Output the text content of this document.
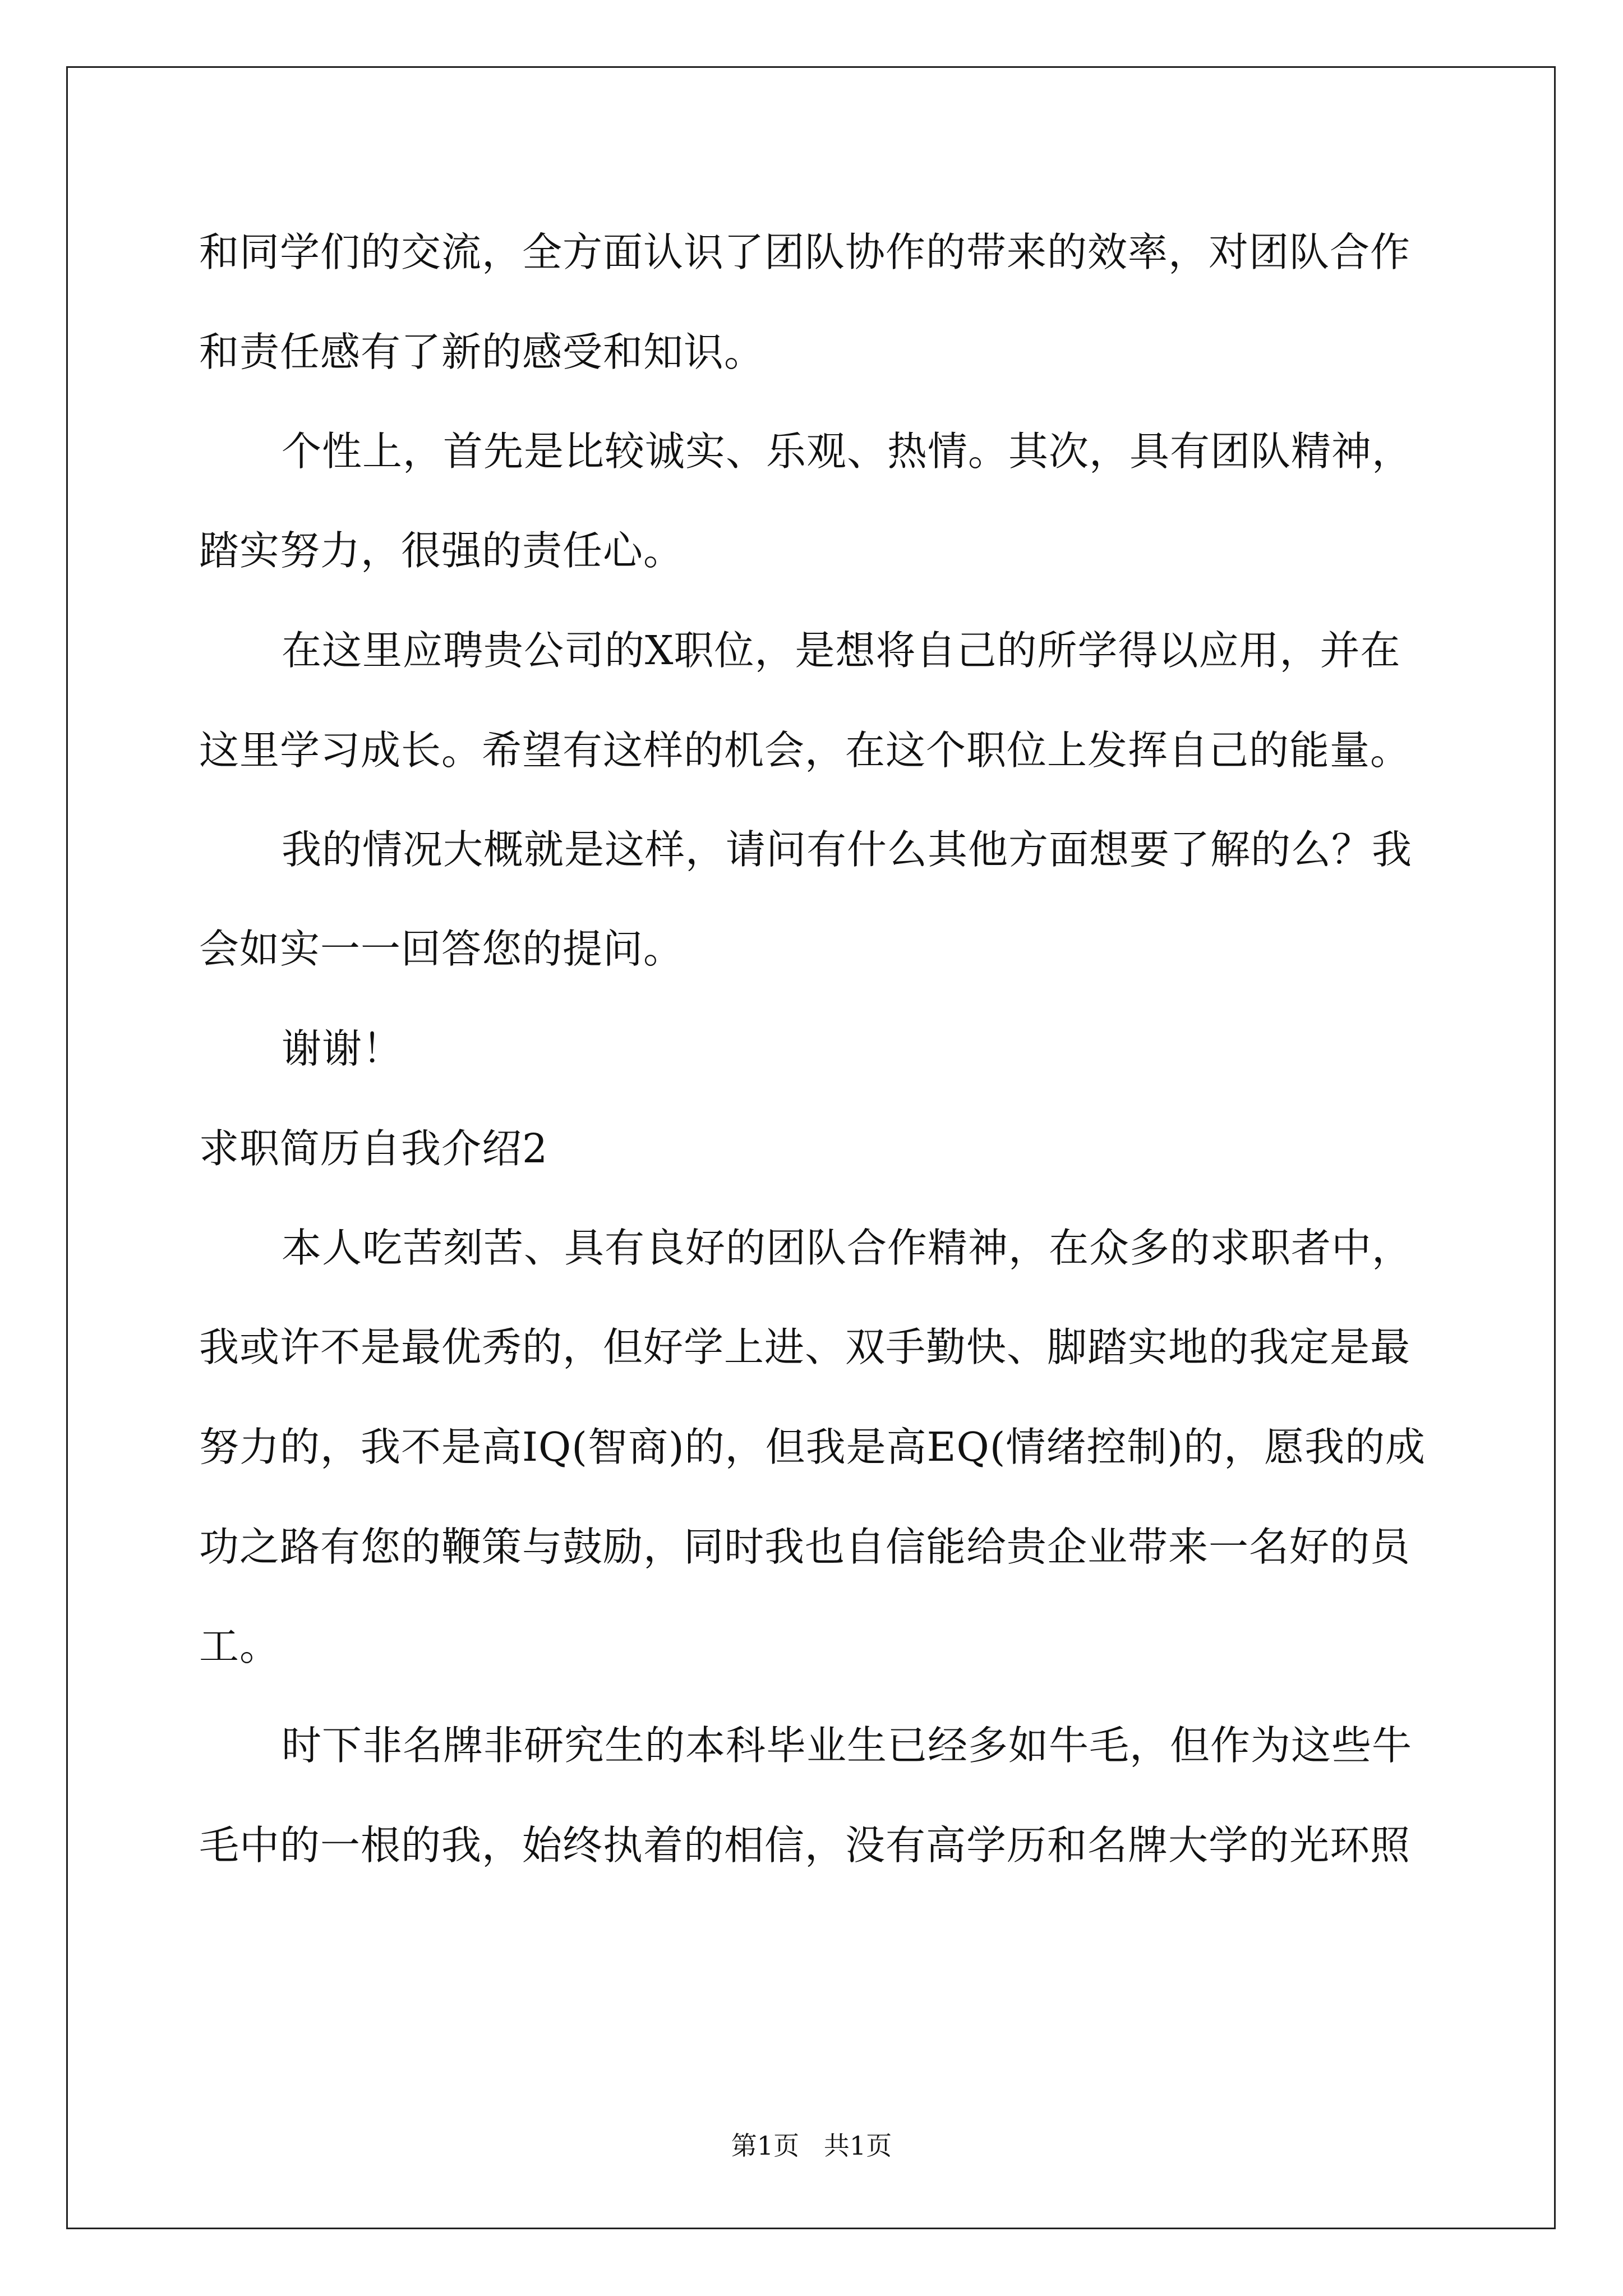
和同学们的交流，全方面认识了团队协作的带来的效率，对团队合作
和责任感有了新的感受和知识。
个性上，首先是比较诚实、乐观、热情。其次，具有团队精神，
踏实努力，很强的责任心。
在这里应聘贵公司的X职位，是想将自己的所学得以应用，并在
这里学习成长。希望有这样的机会，在这个职位上发挥自己的能量。
我的情况大概就是这样，请问有什么其他方面想要了解的么？我
会如实一一回答您的提问。
谢谢！
求职简历自我介绍2
本人吃苦刻苦、具有良好的团队合作精神，在众多的求职者中，
我或许不是最优秀的，但好学上进、双手勤快、脚踏实地的我定是最
努力的，我不是高IQ(智商)的，但我是高EQ(情绪控制)的，愿我的成
功之路有您的鞭策与鼓励，同时我也自信能给贵企业带来一名好的员
工。
时下非名牌非研究生的本科毕业生已经多如牛毛，但作为这些牛
毛中的一根的我，始终执着的相信，没有高学历和名牌大学的光环照
第1页   共1页
